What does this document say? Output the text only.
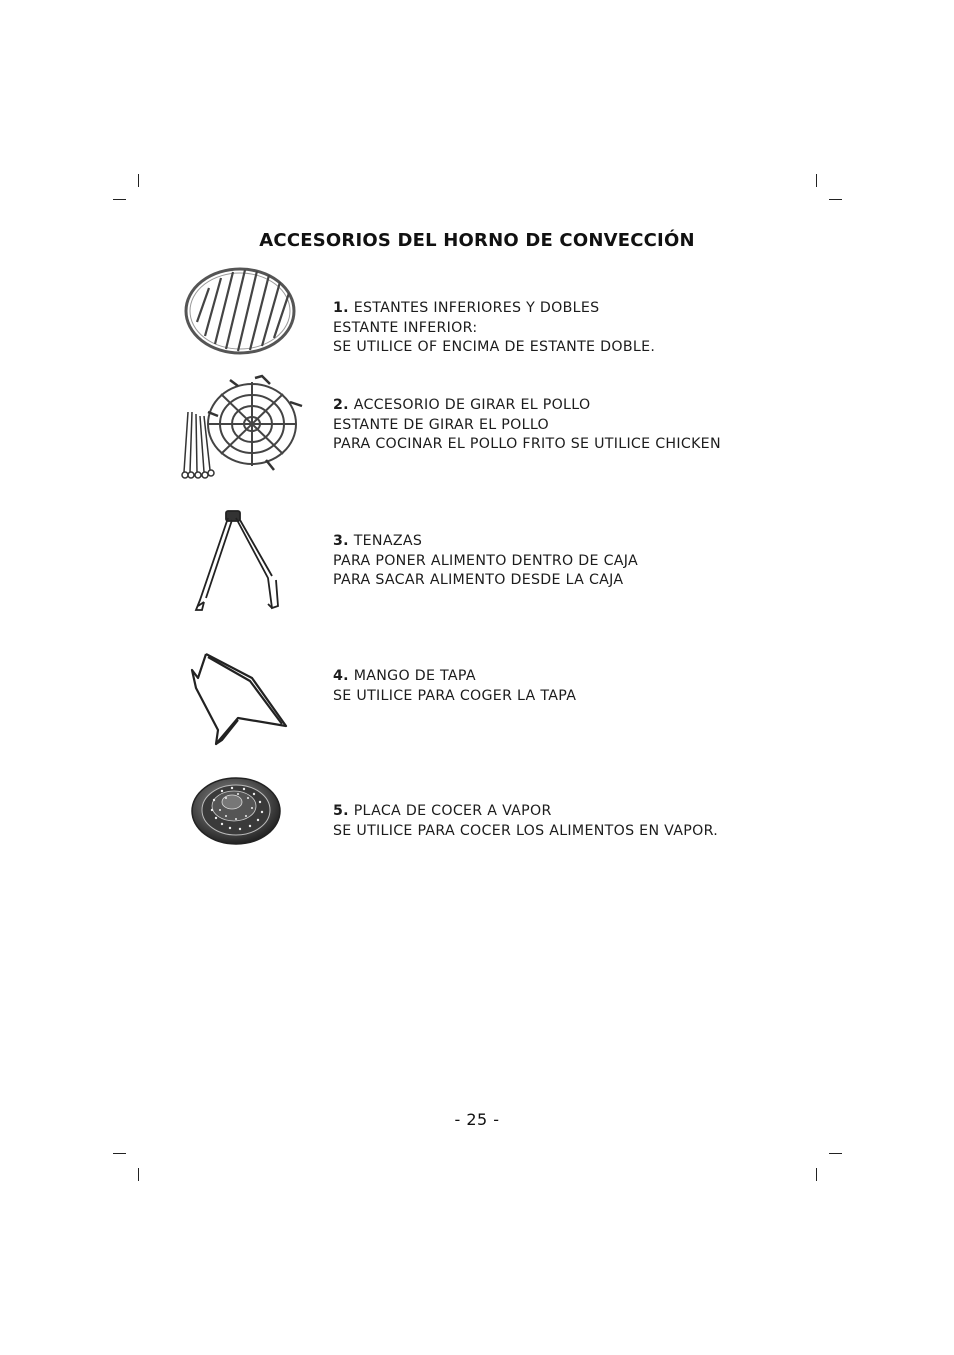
ACCESORIOS DEL HORNO DE CONVECCIÓN
1. ESTANTES INFERIORES Y DOBLES
ESTANTE INFERIOR:
SE UTILICE OF ENCIMA DE ESTANTE DOBLE.
2. ACCESORIO DE GIRAR EL POLLO
ESTANTE DE GIRAR EL POLLO
PARA COCINAR EL POLLO FRITO SE UTILICE CHICKEN
3. TENAZAS
PARA PONER ALIMENTO DENTRO DE CAJA
PARA SACAR ALIMENTO DESDE LA CAJA
4. MANGO DE TAPA
SE UTILICE PARA COGER LA TAPA
5. PLACA DE COCER A VAPOR
SE UTILICE PARA COCER LOS ALIMENTOS EN VAPOR.
- 25 -
